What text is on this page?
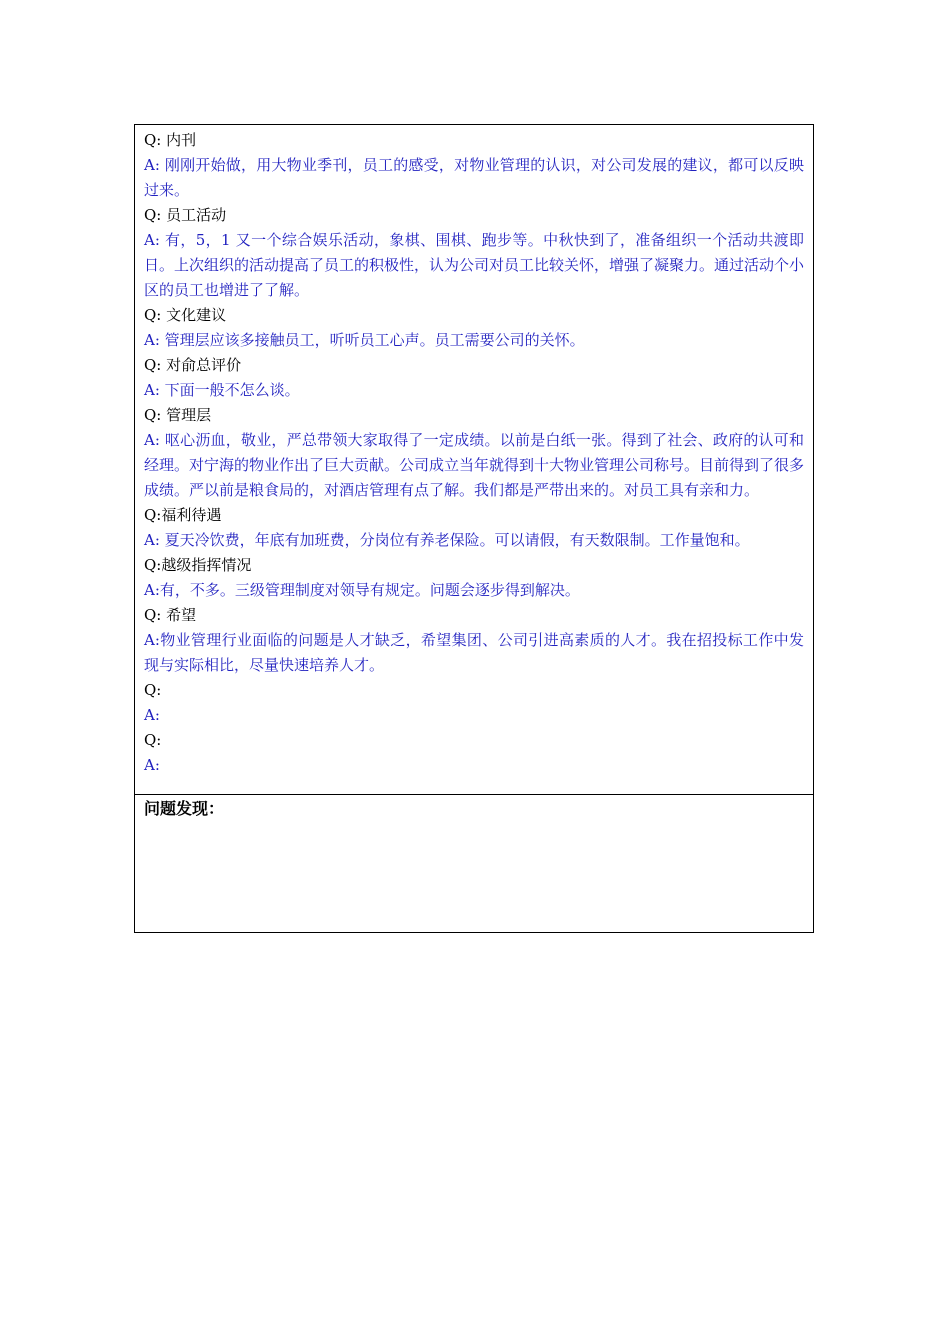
Q: 内刊

A: 刚刚开始做，用大物业季刊，员工的感受，对物业管理的认识，对公司发展的建议，都可以反映过来。

Q: 员工活动

A: 有，5，1 又一个综合娱乐活动，象棋、围棋、跑步等。中秋快到了，准备组织一个活动共渡即日。上次组织的活动提高了员工的积极性，认为公司对员工比较关怀，增强了凝聚力。通过活动个小区的员工也增进了了解。

Q: 文化建议

A: 管理层应该多接触员工，听听员工心声。员工需要公司的关怀。

Q: 对俞总评价

A: 下面一般不怎么谈。

Q: 管理层

A: 呕心沥血，敬业，严总带领大家取得了一定成绩。以前是白纸一张。得到了社会、政府的认可和经理。对宁海的物业作出了巨大贡献。公司成立当年就得到十大物业管理公司称号。目前得到了很多成绩。严以前是粮食局的，对酒店管理有点了解。我们都是严带出来的。对员工具有亲和力。

Q:福利待遇

A: 夏天冷饮费，年底有加班费，分岗位有养老保险。可以请假，有天数限制。工作量饱和。

Q:越级指挥情况

A:有，不多。三级管理制度对领导有规定。问题会逐步得到解决。

Q: 希望

A:物业管理行业面临的问题是人才缺乏，希望集团、公司引进高素质的人才。我在招投标工作中发现与实际相比，尽量快速培养人才。

Q:

A:

Q:

A:

问题发现：
